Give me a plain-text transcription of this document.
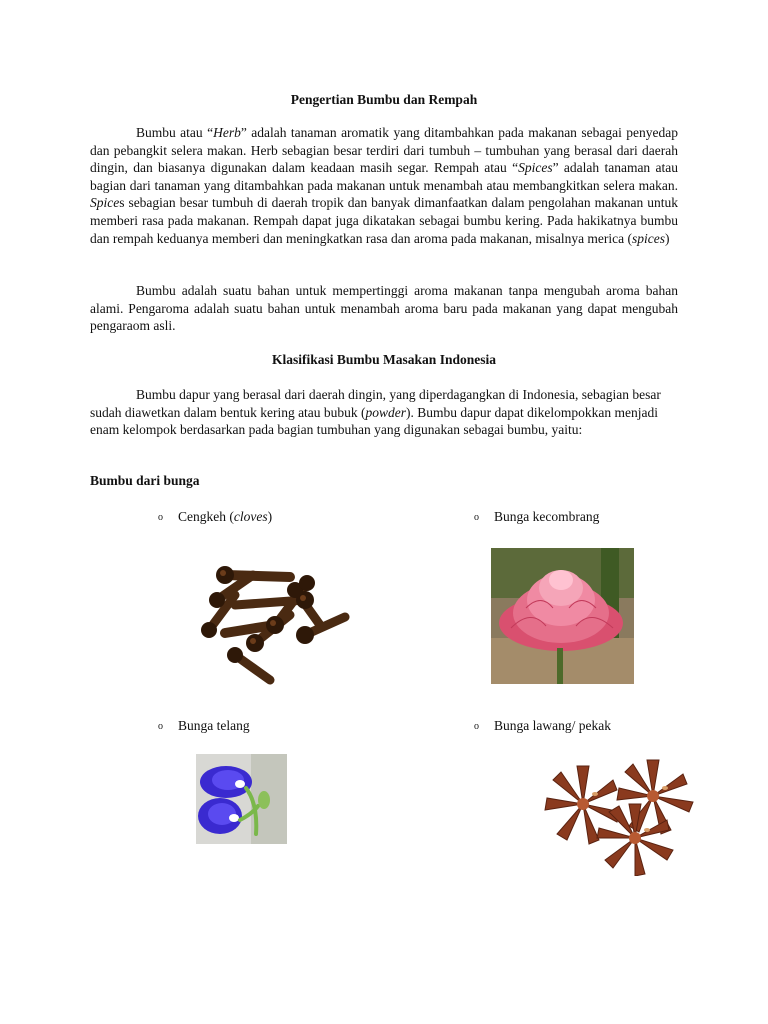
Pengertian Bumbu dan Rempah

Bumbu atau “Herb” adalah tanaman aromatik yang ditambahkan pada makanan sebagai penyedap dan pebangkit selera makan. Herb sebagian besar terdiri dari tumbuh – tumbuhan yang berasal dari daerah dingin, dan biasanya digunakan dalam keadaan masih segar. Rempah atau “Spices” adalah tanaman atau bagian dari tanaman yang ditambahkan pada makanan untuk menambah atau membangkitkan selera makan. Spices sebagian besar tumbuh di daerah tropik dan banyak dimanfaatkan dalam pengolahan makanan untuk memberi rasa pada makanan. Rempah dapat juga dikatakan sebagai bumbu kering. Pada hakikatnya bumbu dan rempah keduanya memberi dan meningkatkan rasa dan aroma pada makanan, misalnya merica (spices)

Bumbu adalah suatu bahan untuk mempertinggi aroma makanan tanpa mengubah aroma bahan alami. Pengaroma adalah suatu bahan untuk menambah aroma baru pada makanan yang dapat mengubah pengaraom asli.

Klasifikasi Bumbu Masakan Indonesia

Bumbu dapur yang berasal dari daerah dingin, yang diperdagangkan di Indonesia, sebagian besar sudah diawetkan dalam bentuk kering atau bubuk (powder). Bumbu dapur dapat dikelompokkan menjadi enam kelompok berdasarkan pada bagian tumbuhan yang digunakan sebagai bumbu, yaitu:

Bumbu dari bunga
o Cengkeh (cloves)	o Bunga kecombrang
o Bunga telang	o Bunga lawang/ pekak
